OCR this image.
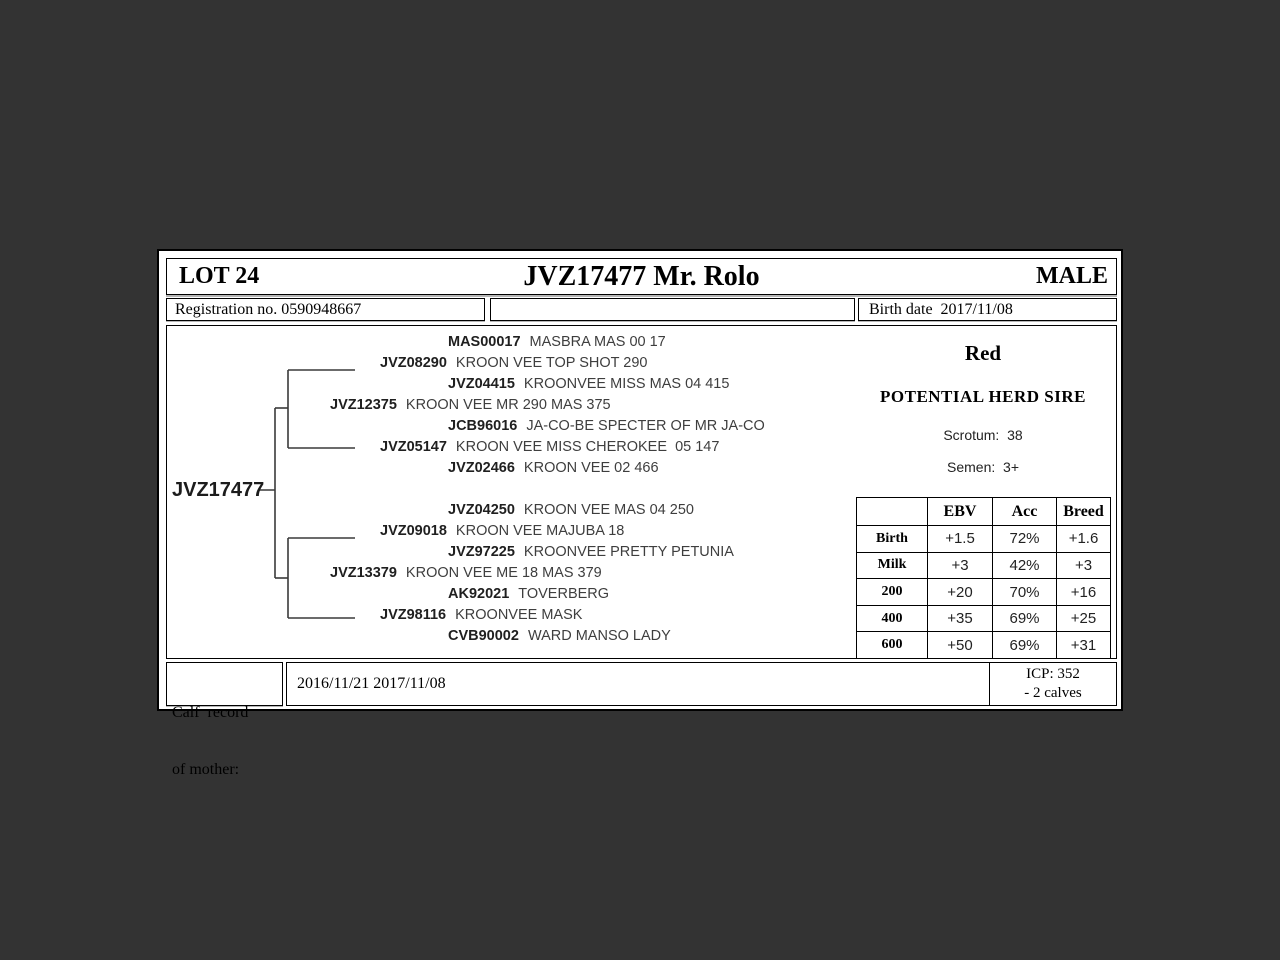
LOT 24	JVZ17477 Mr. Rolo	MALE
Registration no. 0590948667	Birth date  2017/11/08
JVZ17477
MAS00017 MASBRA MAS 00 17
JVZ08290 KROON VEE TOP SHOT 290
JVZ04415 KROONVEE MISS MAS 04 415
JVZ12375 KROON VEE MR 290 MAS 375
JCB96016 JA-CO-BE SPECTER OF MR JA-CO
JVZ05147 KROON VEE MISS CHEROKEE  05 147
JVZ02466 KROON VEE 02 466
JVZ04250 KROON VEE MAS 04 250
JVZ09018 KROON VEE MAJUBA 18
JVZ97225 KROONVEE PRETTY PETUNIA
JVZ13379 KROON VEE ME 18 MAS 379
AK92021 TOVERBERG
JVZ98116 KROONVEE MASK
CVB90002 WARD MANSO LADY
Red
POTENTIAL HERD SIRE
Scrotum:  38
Semen:  3+
	EBV	Acc	Breed
Birth	+1.5	72%	+1.6
Milk	+3	42%	+3
200	+20	70%	+16
400	+35	69%	+25
600	+50	69%	+31

Calf  record

of mother:

2016/11/21 2017/11/08
ICP: 352
- 2 calves
